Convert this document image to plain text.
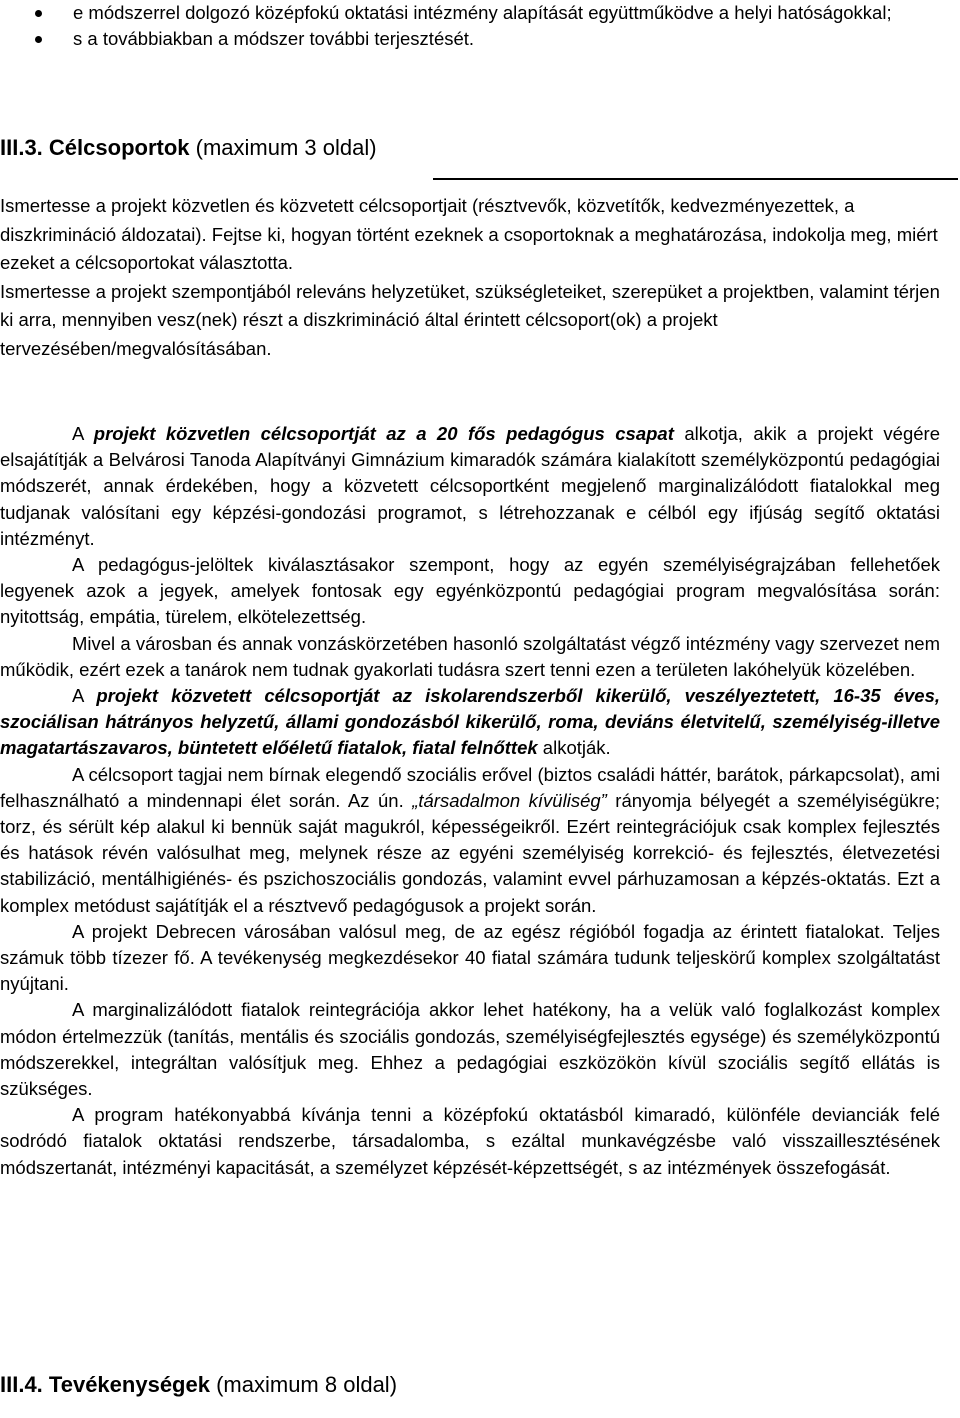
e módszerrel dolgozó középfokú oktatási intézmény alapítását együttműködve a helyi hatóságokkal;
s a továbbiakban a módszer további terjesztését.
III.3. Célcsoportok (maximum 3 oldal)

Ismertesse a projekt közvetlen és közvetett célcsoportjait (résztvevők, közvetítők, kedvezményezettek, a diszkrimináció áldozatai). Fejtse ki, hogyan történt ezeknek a csoportoknak a meghatározása, indokolja meg, miért ezeket a célcsoportokat választotta.

Ismertesse a projekt szempontjából releváns helyzetüket, szükségleteiket, szerepüket a projektben, valamint térjen ki arra, mennyiben vesz(nek) részt a diszkrimináció által érintett célcsoport(ok) a projekt tervezésében/megvalósításában.

A projekt közvetlen célcsoportját az a 20 fős pedagógus csapat alkotja, akik a projekt végére elsajátítják a Belvárosi Tanoda Alapítványi Gimnázium kimaradók számára kialakított személyközpontú pedagógiai módszerét, annak érdekében, hogy a közvetett célcsoportként megjelenő marginalizálódott fiatalokkal meg tudjanak valósítani egy képzési-gondozási programot, s létrehozzanak e célból egy ifjúság segítő oktatási intézményt.

A pedagógus-jelöltek kiválasztásakor szempont, hogy az egyén személyiségrajzában fellehetőek legyenek azok a jegyek, amelyek fontosak egy egyénközpontú pedagógiai program megvalósítása során: nyitottság, empátia, türelem, elkötelezettség.

Mivel a városban és annak vonzáskörzetében hasonló szolgáltatást végző intézmény vagy szervezet nem működik, ezért ezek a tanárok nem tudnak gyakorlati tudásra szert tenni ezen a területen lakóhelyük közelében.

A projekt közvetett célcsoportját az iskolarendszerből kikerülő, veszélyeztetett, 16-35 éves, szociálisan hátrányos helyzetű, állami gondozásból kikerülő, roma, deviáns életvitelű, személyiség-illetve magatartászavaros, büntetett előéletű fiatalok, fiatal felnőttek alkotják.

A célcsoport tagjai nem bírnak elegendő szociális erővel (biztos családi háttér, barátok, párkapcsolat), ami felhasználható a mindennapi élet során. Az ún. „társadalmon kívüliség” rányomja bélyegét a személyiségükre; torz, és sérült kép alakul ki bennük saját magukról, képességeikről. Ezért reintegrációjuk csak komplex fejlesztés és hatások révén valósulhat meg, melynek része az egyéni személyiség korrekció- és fejlesztés, életvezetési stabilizáció, mentálhigiénés- és pszichoszociális gondozás, valamint evvel párhuzamosan a képzés-oktatás. Ezt a komplex metódust sajátítják el a résztvevő pedagógusok a projekt során.

A projekt Debrecen városában valósul meg, de az egész régióból fogadja az érintett fiatalokat. Teljes számuk több tízezer fő. A tevékenység megkezdésekor 40 fiatal számára tudunk teljeskörű komplex szolgáltatást nyújtani.

A marginalizálódott fiatalok reintegrációja akkor lehet hatékony, ha a velük való foglalkozást komplex módon értelmezzük (tanítás, mentális és szociális gondozás, személyiségfejlesztés egysége) és személyközpontú módszerekkel, integráltan valósítjuk meg. Ehhez a pedagógiai eszközökön kívül szociális segítő ellátás is szükséges.

A program hatékonyabbá kívánja tenni a középfokú oktatásból kimaradó, különféle devianciák felé sodródó fiatalok oktatási rendszerbe, társadalomba, s ezáltal munkavégzésbe való visszaillesztésének módszertanát, intézményi kapacitását, a személyzet képzését-képzettségét, s az intézmények összefogását.

III.4. Tevékenységek (maximum 8 oldal)
